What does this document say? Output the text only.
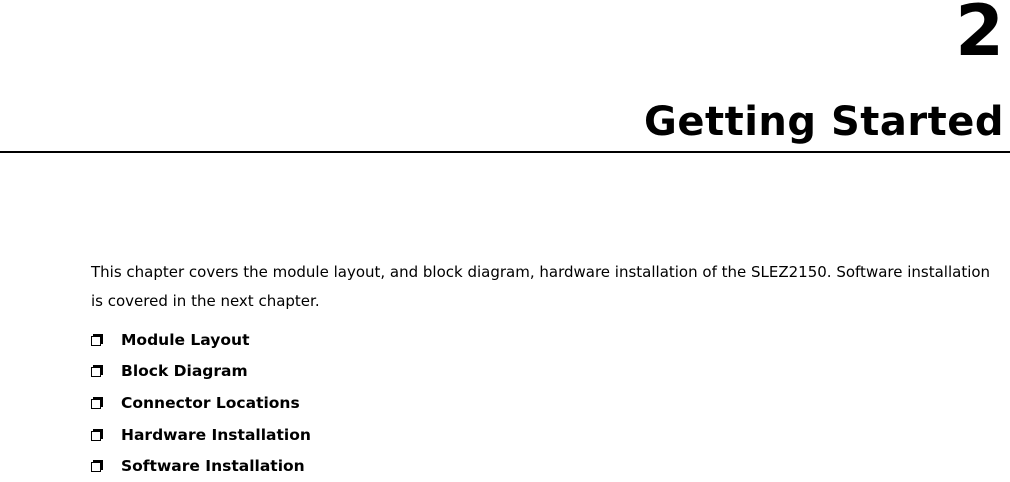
2
Getting Started

This chapter covers the module layout, and block diagram, hardware installation of the SLEZ2150. Software installation is covered in the next chapter.

Module Layout
Block Diagram
Connector Locations
Hardware Installation
Software Installation
